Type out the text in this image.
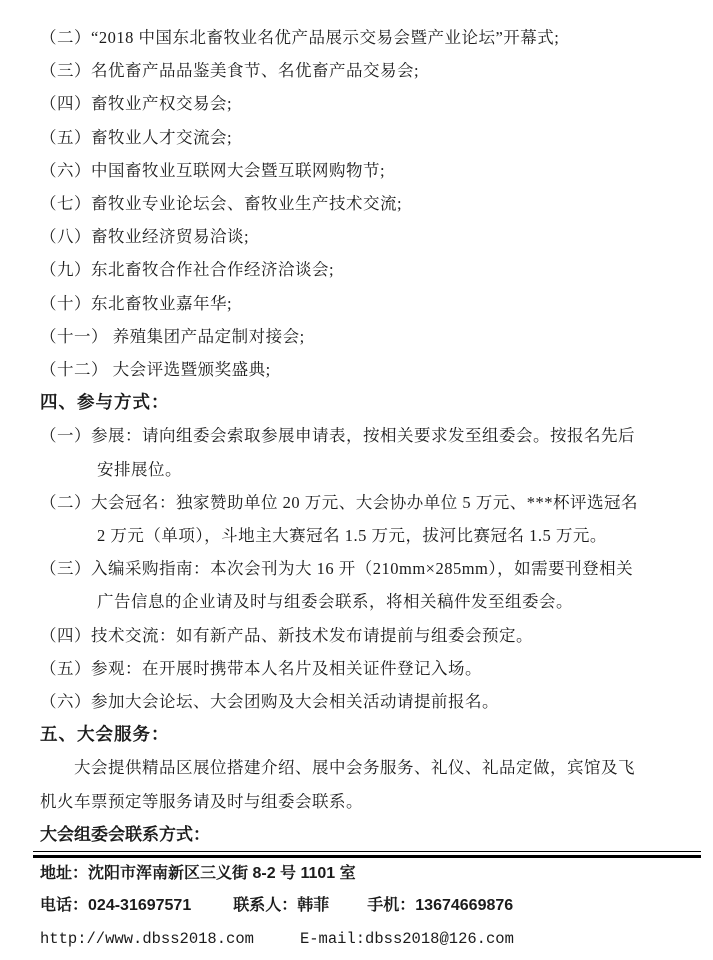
（二）“2018 中国东北畜牧业名优产品展示交易会暨产业论坛”开幕式;
（三）名优畜产品品鉴美食节、名优畜产品交易会;
（四）畜牧业产权交易会;
（五）畜牧业人才交流会;
（六）中国畜牧业互联网大会暨互联网购物节;
（七）畜牧业专业论坛会、畜牧业生产技术交流;
（八）畜牧业经济贸易洽谈;
（九）东北畜牧合作社合作经济洽谈会;
（十）东北畜牧业嘉年华;
（十一） 养殖集团产品定制对接会;
（十二） 大会评选暨颁奖盛典;
四、参与方式：
（一）参展：请向组委会索取参展申请表，按相关要求发至组委会。按报名先后
安排展位。
（二）大会冠名：独家赞助单位 20 万元、大会协办单位 5 万元、***杯评选冠名
2 万元（单项），斗地主大赛冠名 1.5 万元，拔河比赛冠名 1.5 万元。
（三）入编采购指南：本次会刊为大 16 开（210mm×285mm），如需要刊登相关
广告信息的企业请及时与组委会联系，将相关稿件发至组委会。
（四）技术交流：如有新产品、新技术发布请提前与组委会预定。
（五）参观：在开展时携带本人名片及相关证件登记入场。
（六）参加大会论坛、大会团购及大会相关活动请提前报名。
五、大会服务：
大会提供精品区展位搭建介绍、展中会务服务、礼仪、礼品定做，宾馆及飞
机火车票预定等服务请及时与组委会联系。
大会组委会联系方式：
地址：沈阳市浑南新区三义街 8-2 号 1101 室
电话：024-31697571	联系人：韩菲 手机：13674669876
http://www.dbss2018.com	E-mail:dbss2018@126.com
